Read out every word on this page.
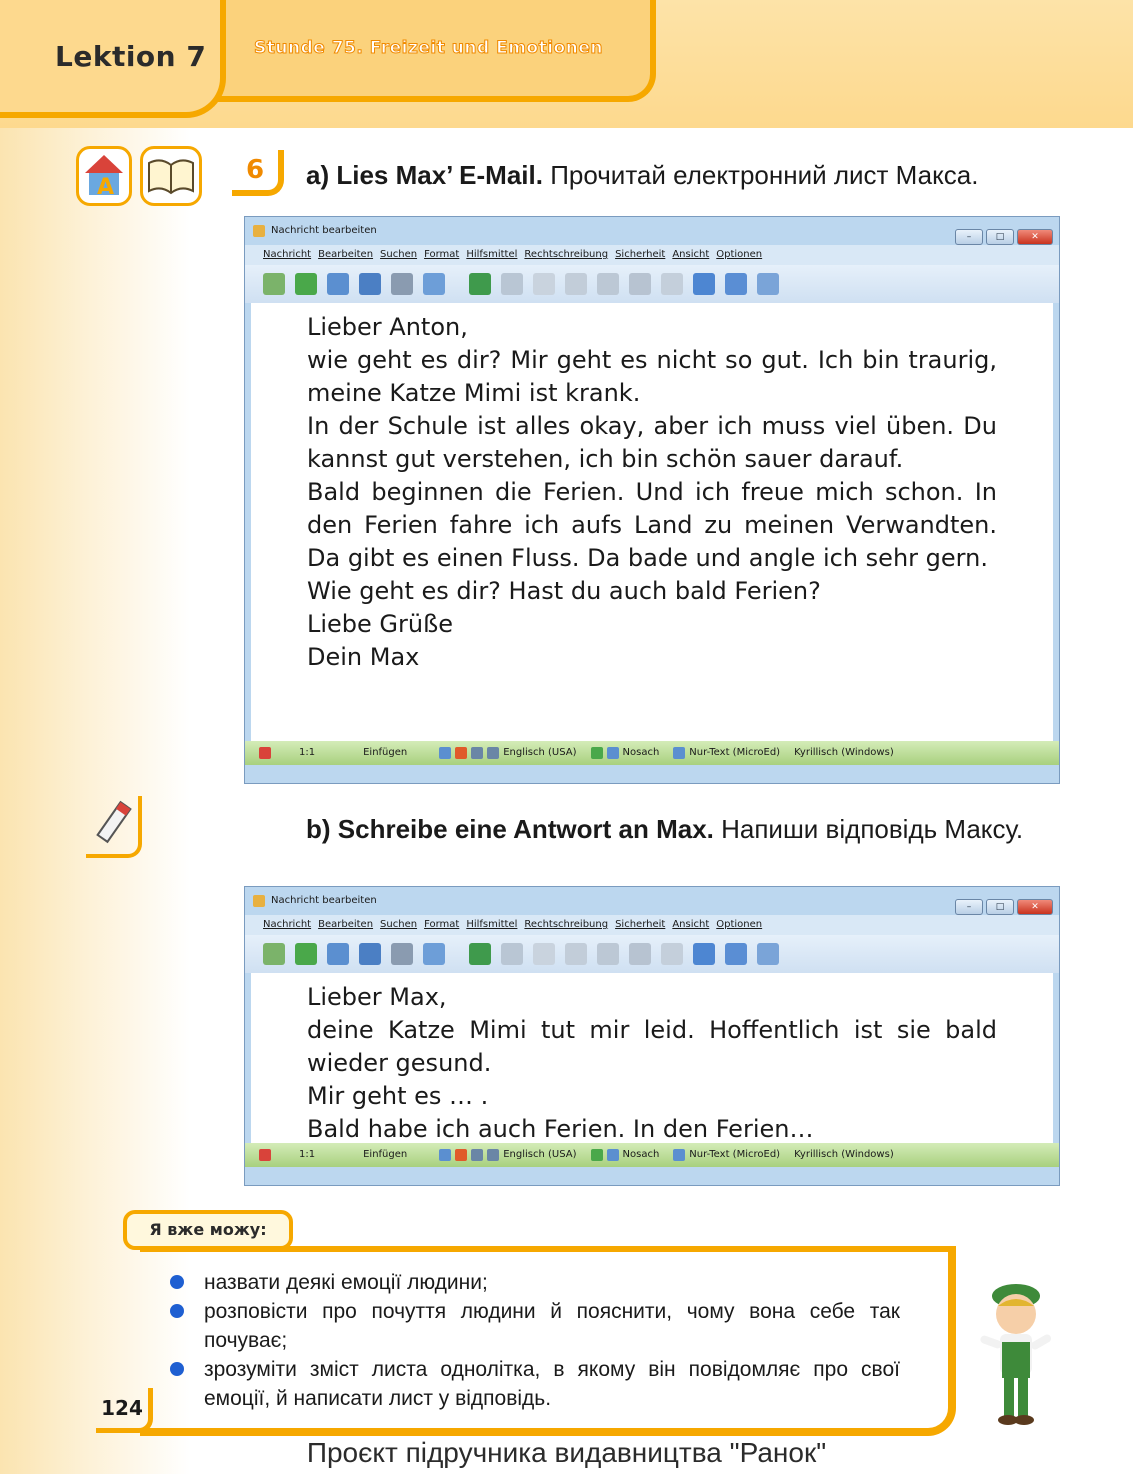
Lektion 7	Stunde 75. Freizeit und Emotionen
A
6	a) Lies Max’ E-Mail. Прочитай електронний лист Макса.
Nachricht bearbeiten
–	□	✕
Nachricht Bearbeiten Suchen Format Hilfsmittel Rechtschreibung Sicherheit Ansicht Optionen
Lieber Anton,
wie geht es dir? Mir geht es nicht so gut. Ich bin traurig, meine Katze Mimi ist krank.
In der Schule ist alles okay, aber ich muss viel üben. Du kannst gut verstehen, ich bin schön sauer darauf.
Bald beginnen die Ferien. Und ich freue mich schon. In den Ferien fahre ich aufs Land zu meinen Verwandten. Da gibt es einen Fluss. Da bade und angle ich sehr gern.
Wie geht es dir? Hast du auch bald Ferien?
Liebe Grüße
Dein Max
1:1	Einfügen	Englisch (USA)	Nosach	Nur-Text (MicroEd) Kyrillisch (Windows)
b) Schreibe eine Antwort an Max. Напиши відповідь Максу.
Nachricht bearbeiten
–	□	✕
Nachricht Bearbeiten Suchen Format Hilfsmittel Rechtschreibung Sicherheit Ansicht Optionen
Lieber Max,
deine Katze Mimi tut mir leid. Hoffentlich ist sie bald wieder gesund.
Mir geht es … .
Bald habe ich auch Ferien. In den Ferien…
1:1	Einfügen	Englisch (USA)	Nosach	Nur-Text (MicroEd) Kyrillisch (Windows)
Я вже можу:
назвати деякі емоції людини;
розповісти про почуття людини й пояснити, чому вона себе так почуває;
зрозуміти зміст листа однолітка, в якому він повідомляє про свої емоції, й написати лист у відповідь.
124
Проєкт підручника видавництва "Ранок"
